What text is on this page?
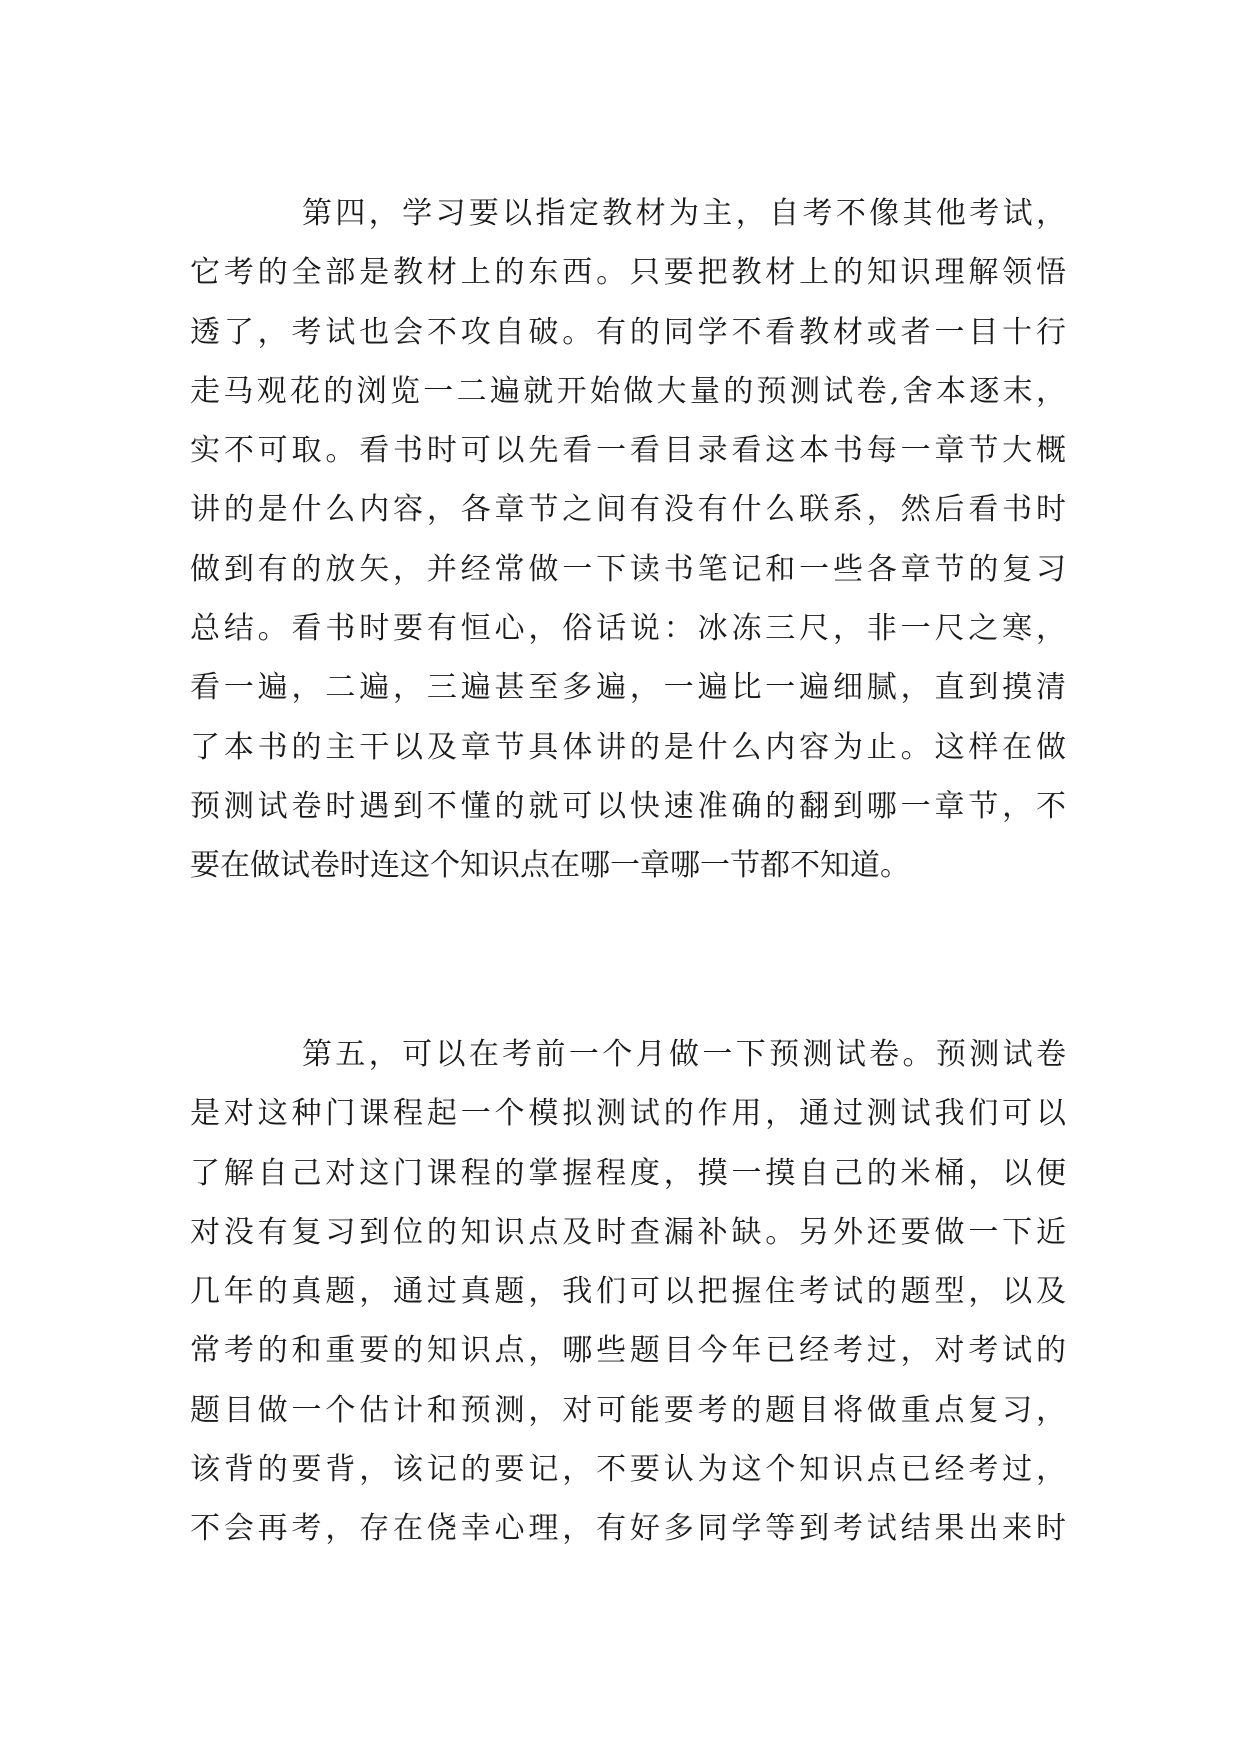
第四，学习要以指定教材为主，自考不像其他考试，
它考的全部是教材上的东西。只要把教材上的知识理解领悟
透了，考试也会不攻自破。有的同学不看教材或者一目十行
走马观花的浏览一二遍就开始做大量的预测试卷,舍本逐末，
实不可取。看书时可以先看一看目录看这本书每一章节大概
讲的是什么内容，各章节之间有没有什么联系，然后看书时
做到有的放矢，并经常做一下读书笔记和一些各章节的复习
总结。看书时要有恒心，俗话说：冰冻三尺，非一尺之寒，
看一遍，二遍，三遍甚至多遍，一遍比一遍细腻，直到摸清
了本书的主干以及章节具体讲的是什么内容为止。这样在做
预测试卷时遇到不懂的就可以快速准确的翻到哪一章节，不
要在做试卷时连这个知识点在哪一章哪一节都不知道。
第五，可以在考前一个月做一下预测试卷。预测试卷
是对这种门课程起一个模拟测试的作用，通过测试我们可以
了解自己对这门课程的掌握程度，摸一摸自己的米桶，以便
对没有复习到位的知识点及时查漏补缺。另外还要做一下近
几年的真题，通过真题，我们可以把握住考试的题型，以及
常考的和重要的知识点，哪些题目今年已经考过，对考试的
题目做一个估计和预测，对可能要考的题目将做重点复习，
该背的要背，该记的要记，不要认为这个知识点已经考过，
不会再考，存在侥幸心理，有好多同学等到考试结果出来时
